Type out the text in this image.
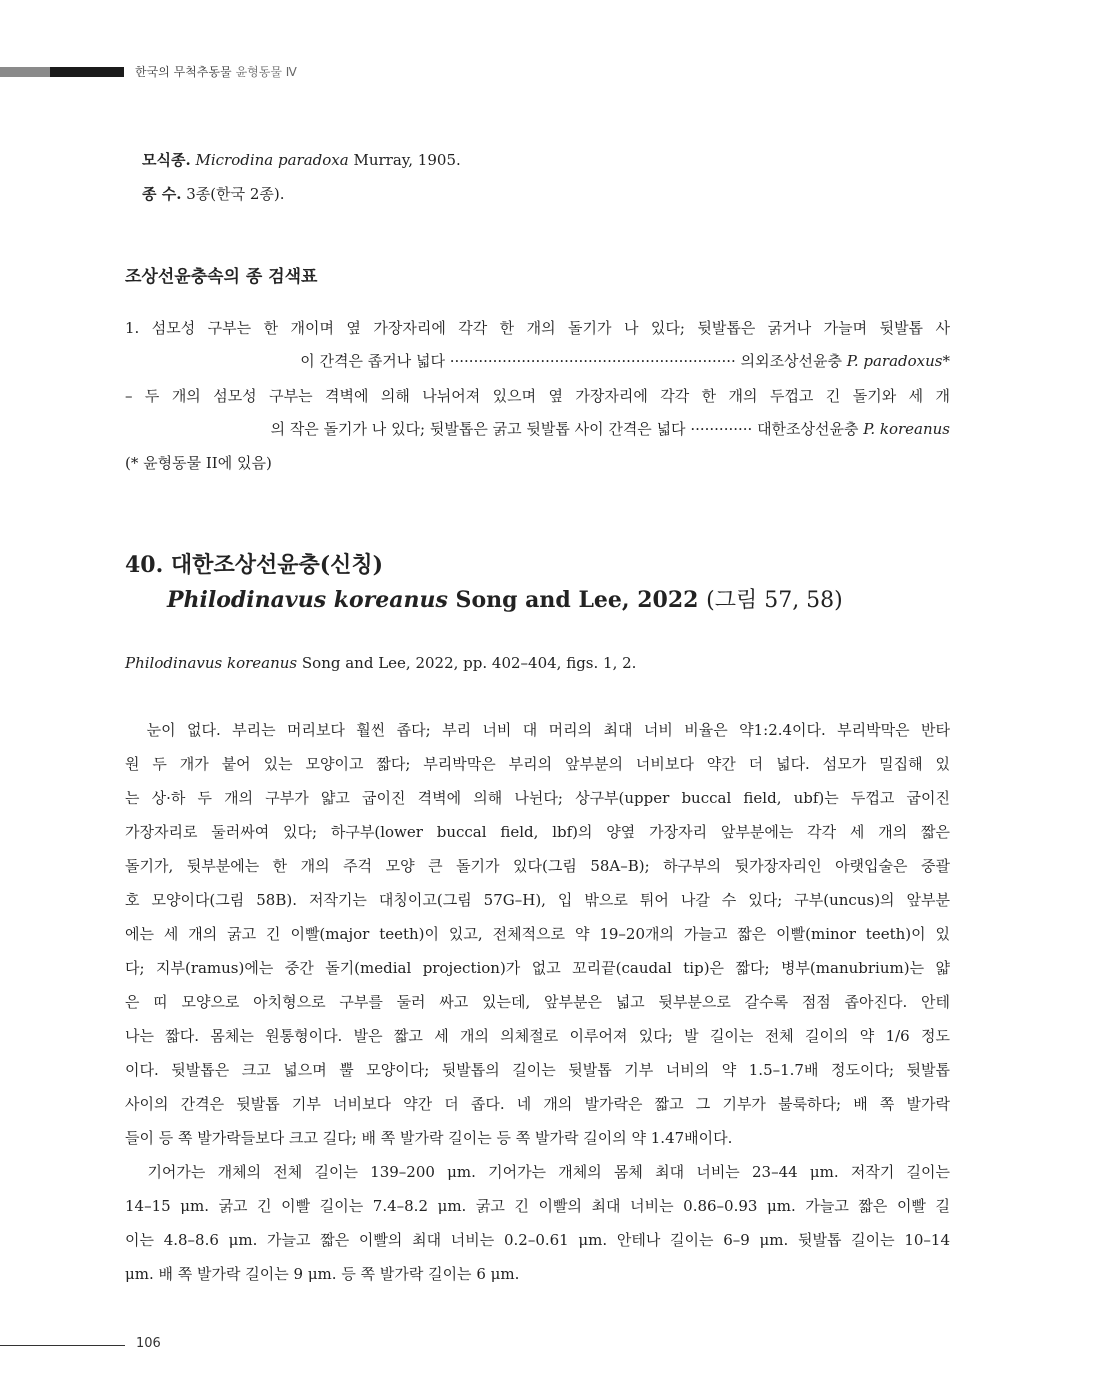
한국의 무척추동물 윤형동물 Ⅳ
모식종. Microdina paradoxa Murray, 1905.
종 수. 3종(한국 2종).
조상선윤충속의 종 검색표
1. 섬모성 구부는 한 개이며 옆 가장자리에 각각 한 개의 돌기가 나 있다; 뒷발톱은 굵거나 가늘며 뒷발톱 사
이 간격은 좁거나 넓다 ···························································· 의외조상선윤충 P. paradoxus*
– 두 개의 섬모성 구부는 격벽에 의해 나뉘어져 있으며 옆 가장자리에 각각 한 개의 두껍고 긴 돌기와 세 개
의 작은 돌기가 나 있다; 뒷발톱은 굵고 뒷발톱 사이 간격은 넓다 ············· 대한조상선윤충 P. koreanus
(* 윤형동물 II에 있음)
40. 대한조상선윤충(신칭)
Philodinavus koreanus Song and Lee, 2022 (그림 57, 58)
Philodinavus koreanus Song and Lee, 2022, pp. 402–404, figs. 1, 2.
　눈이 없다. 부리는 머리보다 훨씬 좁다; 부리 너비 대 머리의 최대 너비 비율은 약1:2.4이다. 부리박막은 반타
원 두 개가 붙어 있는 모양이고 짧다; 부리박막은 부리의 앞부분의 너비보다 약간 더 넓다. 섬모가 밀집해 있
는 상·하 두 개의 구부가 얇고 굽이진 격벽에 의해 나뉜다; 상구부(upper buccal field, ubf)는 두껍고 굽이진
가장자리로 둘러싸여 있다; 하구부(lower buccal field, lbf)의 양옆 가장자리 앞부분에는 각각 세 개의 짧은
돌기가, 뒷부분에는 한 개의 주걱 모양 큰 돌기가 있다(그림 58A–B); 하구부의 뒷가장자리인 아랫입술은 중괄
호 모양이다(그림 58B). 저작기는 대칭이고(그림 57G–H), 입 밖으로 튀어 나갈 수 있다; 구부(uncus)의 앞부분
에는 세 개의 굵고 긴 이빨(major teeth)이 있고, 전체적으로 약 19–20개의 가늘고 짧은 이빨(minor teeth)이 있
다; 지부(ramus)에는 중간 돌기(medial projection)가 없고 꼬리끝(caudal tip)은 짧다; 병부(manubrium)는 얇
은 띠 모양으로 아치형으로 구부를 둘러 싸고 있는데, 앞부분은 넓고 뒷부분으로 갈수록 점점 좁아진다. 안테
나는 짧다. 몸체는 원통형이다. 발은 짧고 세 개의 의체절로 이루어져 있다; 발 길이는 전체 길이의 약 1/6 정도
이다. 뒷발톱은 크고 넓으며 뿔 모양이다; 뒷발톱의 길이는 뒷발톱 기부 너비의 약 1.5–1.7배 정도이다; 뒷발톱
사이의 간격은 뒷발톱 기부 너비보다 약간 더 좁다. 네 개의 발가락은 짧고 그 기부가 불룩하다; 배 쪽 발가락
들이 등 쪽 발가락들보다 크고 길다; 배 쪽 발가락 길이는 등 쪽 발가락 길이의 약 1.47배이다.
　기어가는 개체의 전체 길이는 139–200 μm. 기어가는 개체의 몸체 최대 너비는 23–44 μm. 저작기 길이는
14–15 μm. 굵고 긴 이빨 길이는 7.4–8.2 μm. 굵고 긴 이빨의 최대 너비는 0.86–0.93 μm. 가늘고 짧은 이빨 길
이는 4.8–8.6 μm. 가늘고 짧은 이빨의 최대 너비는 0.2–0.61 μm. 안테나 길이는 6–9 μm. 뒷발톱 길이는 10–14
μm. 배 쪽 발가락 길이는 9 μm. 등 쪽 발가락 길이는 6 μm.
106
